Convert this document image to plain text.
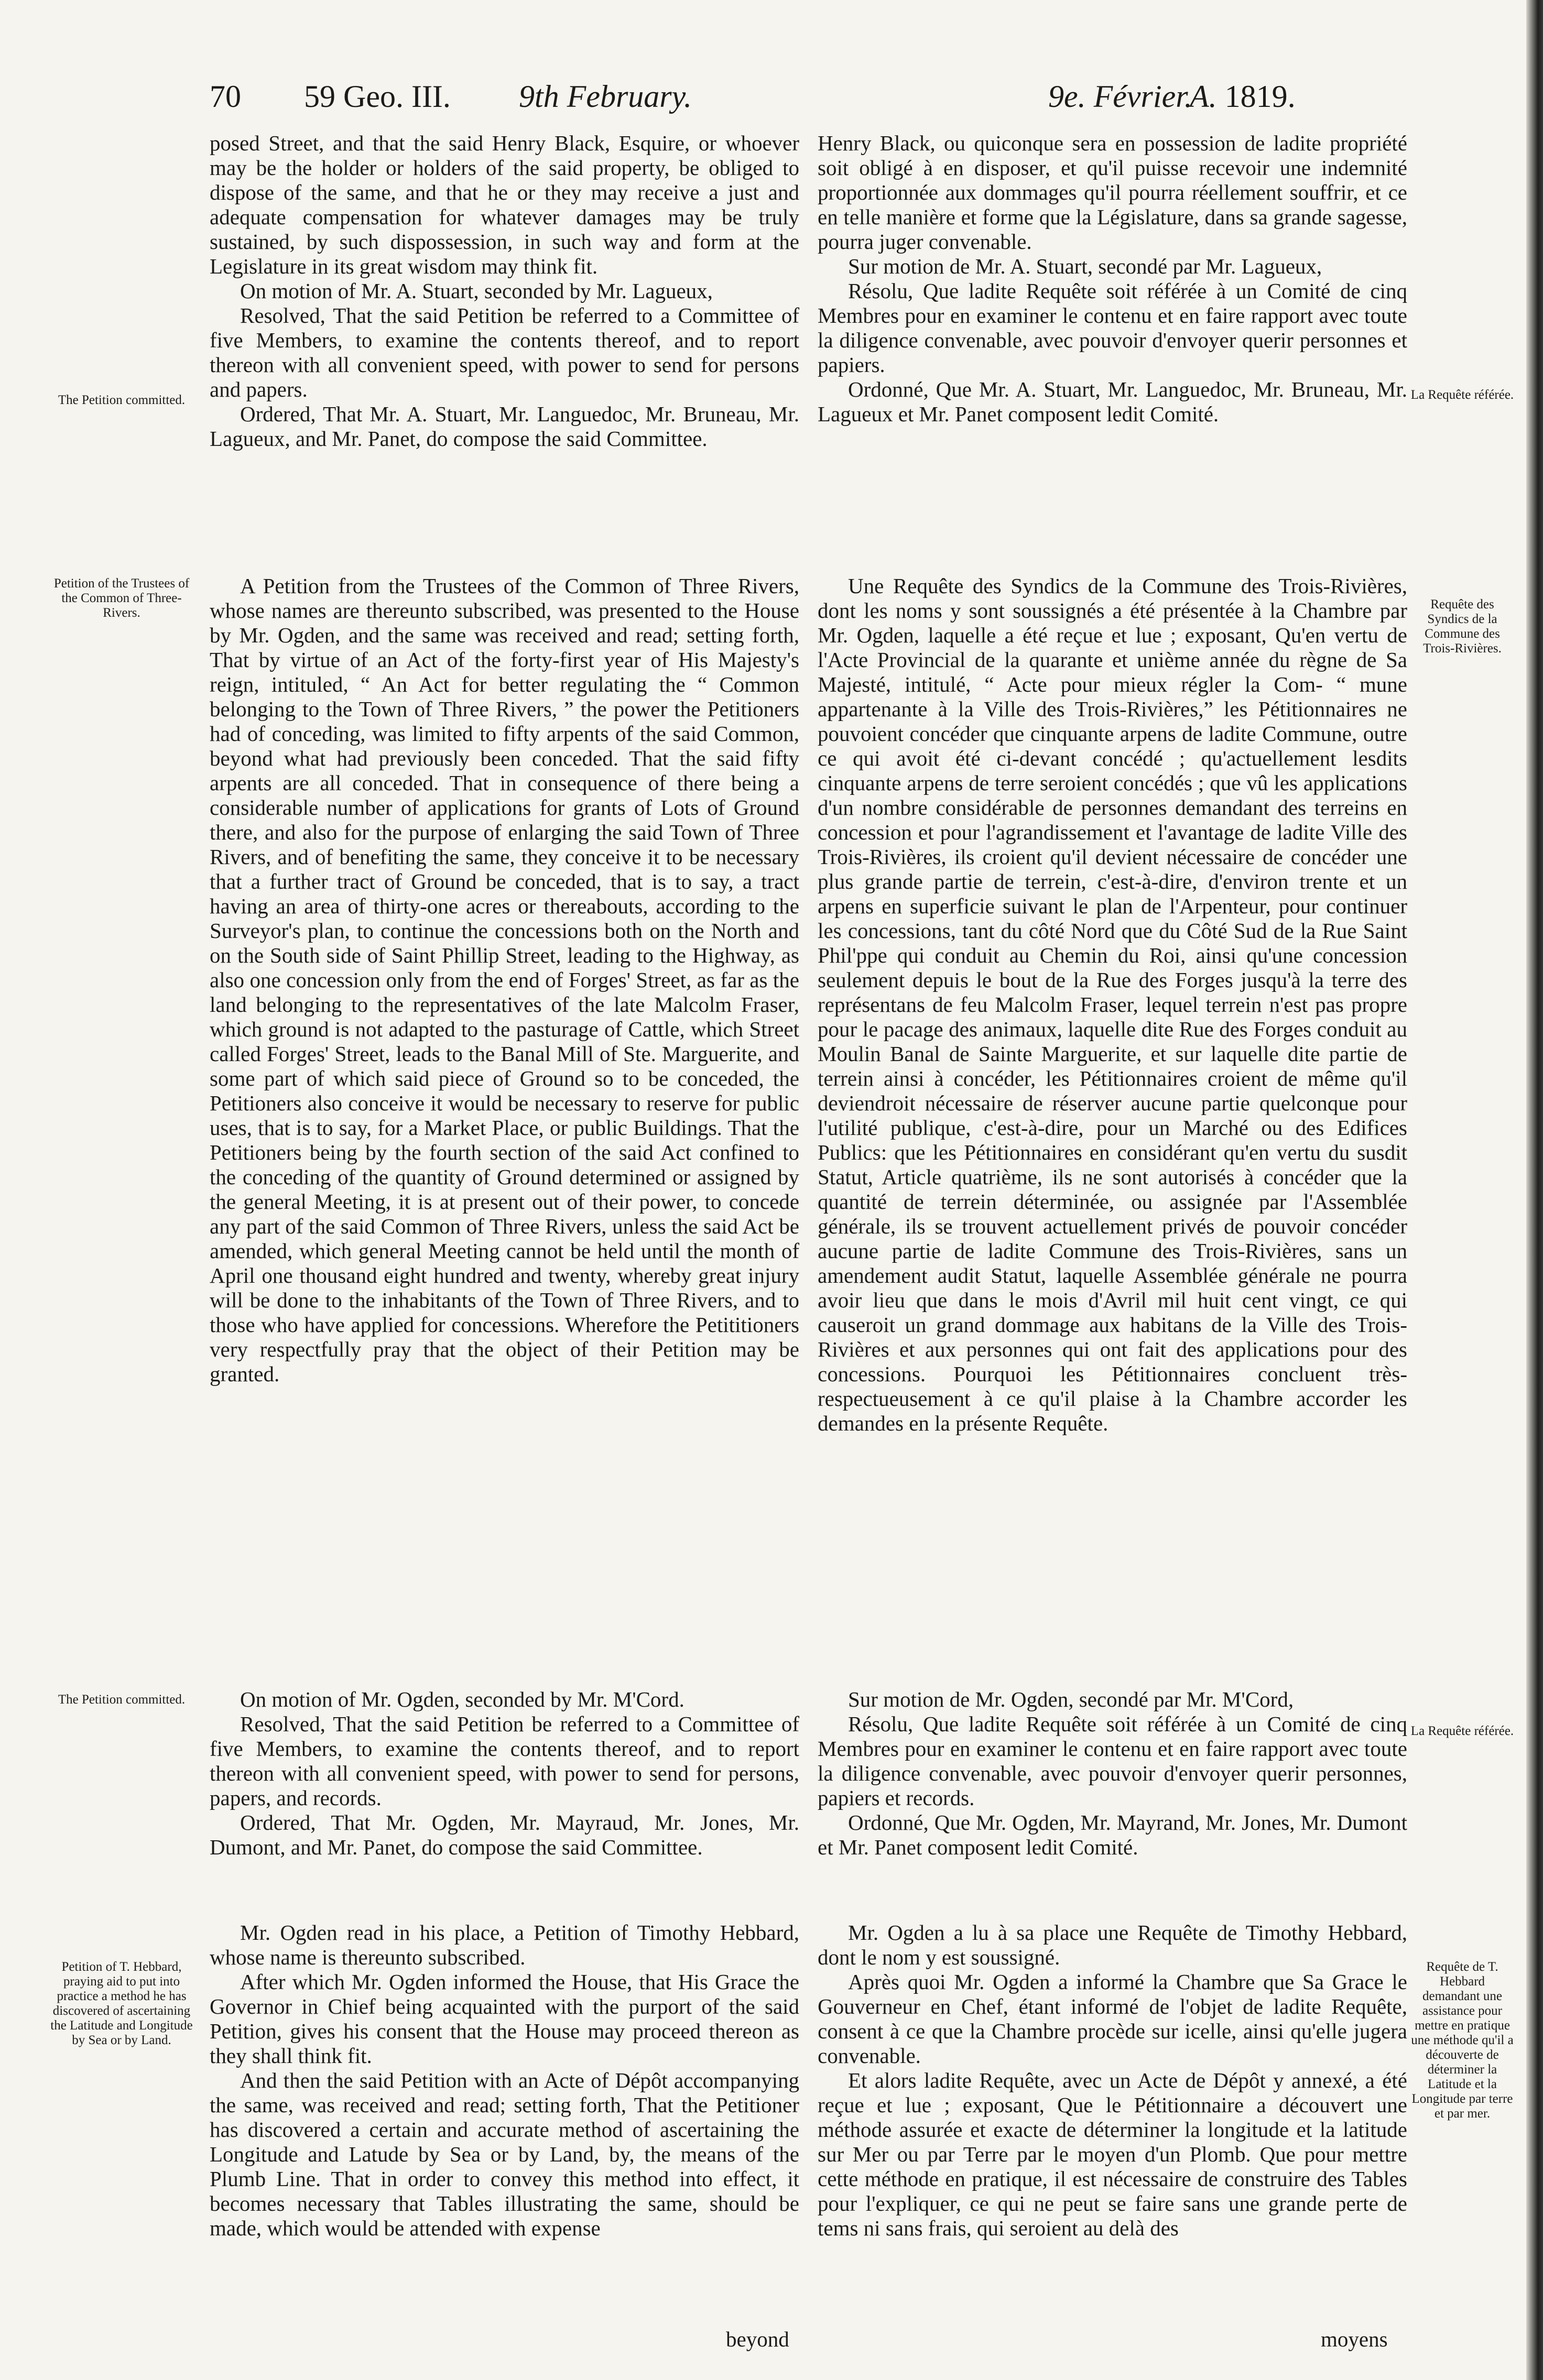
70 59 Geo. III. 9th February.	9e. Février.
A. 1819.
The Petition committed.
Petition of the Trustees of the Common of Three-Rivers.
The Petition committed.
Petition of T. Hebbard, praying aid to put into practice a method he has discovered of ascertaining the Latitude and Longitude by Sea or by Land.
La Requête référée.
Requête des Syndics de la Commune des Trois-Rivières.
La Requête référée.
Requête de T. Hebbard demandant une assistance pour mettre en pratique une méthode qu'il a découverte de déterminer la Latitude et la Longitude par terre et par mer.

posed Street, and that the said Henry Black, Esquire, or whoever may be the holder or holders of the said property, be obliged to dispose of the same, and that he or they may receive a just and adequate compensation for whatever damages may be truly sustained, by such dispossession, in such way and form at the Legislature in its great wisdom may think fit.

On motion of Mr. A. Stuart, seconded by Mr. Lagueux,

Resolved, That the said Petition be referred to a Committee of five Members, to examine the contents thereof, and to report thereon with all convenient speed, with power to send for persons and papers.

Ordered, That Mr. A. Stuart, Mr. Languedoc, Mr. Bruneau, Mr. Lagueux, and Mr. Panet, do compose the said Committee.

A Petition from the Trustees of the Common of Three Rivers, whose names are thereunto subscribed, was presented to the House by Mr. Ogden, and the same was received and read; setting forth, That by virtue of an Act of the forty-first year of His Majesty's reign, intituled, “ An Act for better regulating the “ Common belonging to the Town of Three Rivers, ” the power the Petitioners had of conceding, was limited to fifty arpents of the said Common, beyond what had previously been conceded. That the said fifty arpents are all conceded. That in consequence of there being a considerable number of applications for grants of Lots of Ground there, and also for the purpose of enlarging the said Town of Three Rivers, and of benefiting the same, they conceive it to be necessary that a further tract of Ground be conceded, that is to say, a tract having an area of thirty-one acres or thereabouts, according to the Surveyor's plan, to continue the concessions both on the North and on the South side of Saint Phillip Street, leading to the Highway, as also one concession only from the end of Forges' Street, as far as the land belonging to the representatives of the late Malcolm Fraser, which ground is not adapted to the pasturage of Cattle, which Street called Forges' Street, leads to the Banal Mill of Ste. Marguerite, and some part of which said piece of Ground so to be conceded, the Petitioners also conceive it would be necessary to reserve for public uses, that is to say, for a Market Place, or public Buildings. That the Petitioners being by the fourth section of the said Act confined to the conceding of the quantity of Ground determined or assigned by the general Meeting, it is at present out of their power, to concede any part of the said Common of Three Rivers, unless the said Act be amended, which general Meeting cannot be held until the month of April one thousand eight hundred and twenty, whereby great injury will be done to the inhabitants of the Town of Three Rivers, and to those who have applied for concessions. Wherefore the Petititioners very respectfully pray that the object of their Petition may be granted.

On motion of Mr. Ogden, seconded by Mr. M'Cord.

Resolved, That the said Petition be referred to a Committee of five Members, to examine the contents thereof, and to report thereon with all convenient speed, with power to send for persons, papers, and records.

Ordered, That Mr. Ogden, Mr. Mayraud, Mr. Jones, Mr. Dumont, and Mr. Panet, do compose the said Committee.

Mr. Ogden read in his place, a Petition of Timothy Hebbard, whose name is thereunto subscribed.

After which Mr. Ogden informed the House, that His Grace the Governor in Chief being acquainted with the purport of the said Petition, gives his consent that the House may proceed thereon as they shall think fit.

And then the said Petition with an Acte of Dépôt accompanying the same, was received and read; setting forth, That the Petitioner has discovered a certain and accurate method of ascertaining the Longitude and Latude by Sea or by Land, by, the means of the Plumb Line. That in order to convey this method into effect, it becomes necessary that Tables illustrating the same, should be made, which would be attended with expense

beyond

Henry Black, ou quiconque sera en possession de ladite propriété soit obligé à en disposer, et qu'il puisse recevoir une indemnité proportionnée aux dommages qu'il pourra réellement souffrir, et ce en telle manière et forme que la Législature, dans sa grande sagesse, pourra juger convenable.

Sur motion de Mr. A. Stuart, secondé par Mr. Lagueux,

Résolu, Que ladite Requête soit référée à un Comité de cinq Membres pour en examiner le contenu et en faire rapport avec toute la diligence convenable, avec pouvoir d'envoyer querir personnes et papiers.

Ordonné, Que Mr. A. Stuart, Mr. Languedoc, Mr. Bruneau, Mr. Lagueux et Mr. Panet composent ledit Comité.

Une Requête des Syndics de la Commune des Trois-Rivières, dont les noms y sont soussignés a été présentée à la Chambre par Mr. Ogden, laquelle a été reçue et lue ; exposant, Qu'en vertu de l'Acte Provincial de la quarante et unième année du règne de Sa Majesté, intitulé, “ Acte pour mieux régler la Com- “ mune appartenante à la Ville des Trois-Rivières,” les Pétitionnaires ne pouvoient concéder que cinquante arpens de ladite Commune, outre ce qui avoit été ci-devant concédé ; qu'actuellement lesdits cinquante arpens de terre seroient concédés ; que vû les applications d'un nombre considérable de personnes demandant des terreins en concession et pour l'agrandissement et l'avantage de ladite Ville des Trois-Rivières, ils croient qu'il devient nécessaire de concéder une plus grande partie de terrein, c'est-à-dire, d'environ trente et un arpens en superficie suivant le plan de l'Arpenteur, pour continuer les concessions, tant du côté Nord que du Côté Sud de la Rue Saint Phil'ppe qui conduit au Chemin du Roi, ainsi qu'une concession seulement depuis le bout de la Rue des Forges jusqu'à la terre des représentans de feu Malcolm Fraser, lequel terrein n'est pas propre pour le pacage des animaux, laquelle dite Rue des Forges conduit au Moulin Banal de Sainte Marguerite, et sur laquelle dite partie de terrein ainsi à concéder, les Pétitionnaires croient de même qu'il deviendroit nécessaire de réserver aucune partie quelconque pour l'utilité publique, c'est-à-dire, pour un Marché ou des Edifices Publics: que les Pétitionnaires en considérant qu'en vertu du susdit Statut, Article quatrième, ils ne sont autorisés à concéder que la quantité de terrein déterminée, ou assignée par l'Assemblée générale, ils se trouvent actuellement privés de pouvoir concéder aucune partie de ladite Commune des Trois-Rivières, sans un amendement audit Statut, laquelle Assemblée générale ne pourra avoir lieu que dans le mois d'Avril mil huit cent vingt, ce qui causeroit un grand dommage aux habitans de la Ville des Trois-Rivières et aux personnes qui ont fait des applications pour des concessions. Pourquoi les Pétitionnaires concluent très-respectueusement à ce qu'il plaise à la Chambre accorder les demandes en la présente Requête.

Sur motion de Mr. Ogden, secondé par Mr. M'Cord,

Résolu, Que ladite Requête soit référée à un Comité de cinq Membres pour en examiner le contenu et en faire rapport avec toute la diligence convenable, avec pouvoir d'envoyer querir personnes, papiers et records.

Ordonné, Que Mr. Ogden, Mr. Mayrand, Mr. Jones, Mr. Dumont et Mr. Panet composent ledit Comité.

Mr. Ogden a lu à sa place une Requête de Timothy Hebbard, dont le nom y est soussigné.

Après quoi Mr. Ogden a informé la Chambre que Sa Grace le Gouverneur en Chef, étant informé de l'objet de ladite Requête, consent à ce que la Chambre procède sur icelle, ainsi qu'elle jugera convenable.

Et alors ladite Requête, avec un Acte de Dépôt y annexé, a été reçue et lue ; exposant, Que le Pétitionnaire a découvert une méthode assurée et exacte de déterminer la longitude et la latitude sur Mer ou par Terre par le moyen d'un Plomb. Que pour mettre cette méthode en pratique, il est nécessaire de construire des Tables pour l'expliquer, ce qui ne peut se faire sans une grande perte de tems ni sans frais, qui seroient au delà des

moyens
